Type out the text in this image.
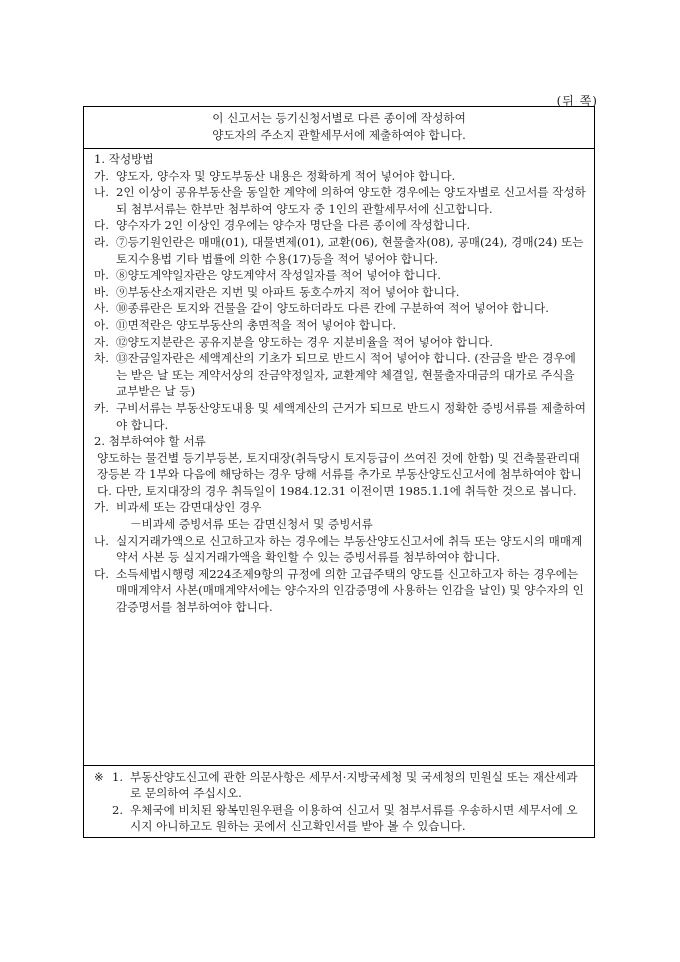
(뒤 쪽)
이 신고서는 등기신청서별로 다른 종이에 작성하여
양도자의 주소지 관할세무서에 제출하여야 합니다.

1. 작성방법

가. 양도자, 양수자 및 양도부동산 내용은 정확하게 적어 넣어야 합니다.

나. 2인 이상이 공유부동산을 동일한 계약에 의하여 양도한 경우에는 양도자별로 신고서를 작성하되 첨부서류는 한부만 첨부하여 양도자 중 1인의 관할세무서에 신고합니다.

다. 양수자가 2인 이상인 경우에는 양수자 명단을 다른 종이에 작성합니다.

라. ⑦등기원인란은 매매(01), 대물변제(01), 교환(06), 현물출자(08), 공매(24), 경매(24) 또는 토지수용법 기타 법률에 의한 수용(17)등을 적어 넣어야 합니다.

마. ⑧양도계약일자란은 양도계약서 작성일자를 적어 넣어야 합니다.

바. ⑨부동산소재지란은 지번 및 아파트 동호수까지 적어 넣어야 합니다.

사. ⑩종류란은 토지와 건물을 같이 양도하더라도 다른 칸에 구분하여 적어 넣어야 합니다.

아. ⑪면적란은 양도부동산의 총면적을 적어 넣어야 합니다.

자. ⑫양도지분란은 공유지분을 양도하는 경우 지분비율을 적어 넣어야 합니다.

차. ⑬잔금일자란은 세액계산의 기초가 되므로 반드시 적어 넣어야 합니다. (잔금을 받은 경우에는 받은 날 또는 계약서상의 잔금약정일자, 교환계약 체결일, 현물출자대금의 대가로 주식을 교부받은 날 등)

카. 구비서류는 부동산양도내용 및 세액계산의 근거가 되므로 반드시 정확한 증빙서류를 제출하여야 합니다.

2. 첨부하여야 할 서류

양도하는 물건별 등기부등본, 토지대장(취득당시 토지등급이 쓰여진 것에 한함) 및 건축물관리대장등본 각 1부와 다음에 해당하는 경우 당해 서류를 추가로 부동산양도신고서에 첨부하여야 합니다. 다만, 토지대장의 경우 취득일이 1984.12.31 이전이면 1985.1.1에 취득한 것으로 봅니다.

가. 비과세 또는 감면대상인 경우

－비과세 증빙서류 또는 감면신청서 및 증빙서류

나. 실지거래가액으로 신고하고자 하는 경우에는 부동산양도신고서에 취득 또는 양도시의 매매계약서 사본 등 실지거래가액을 확인할 수 있는 증빙서류를 첨부하여야 합니다.

다. 소득세법시행령 제224조제9항의 규정에 의한 고급주택의 양도를 신고하고자 하는 경우에는 매매계약서 사본(매매계약서에는 양수자의 인감증명에 사용하는 인감을 날인) 및 양수자의 인감증명서를 첨부하여야 합니다.

※ 1. 부동산양도신고에 관한 의문사항은 세무서·지방국세청 및 국세청의 민원실 또는 재산세과로 문의하여 주십시오.

2. 우체국에 비치된 왕복민원우편을 이용하여 신고서 및 첨부서류를 우송하시면 세무서에 오시지 아니하고도 원하는 곳에서 신고확인서를 받아 볼 수 있습니다.
